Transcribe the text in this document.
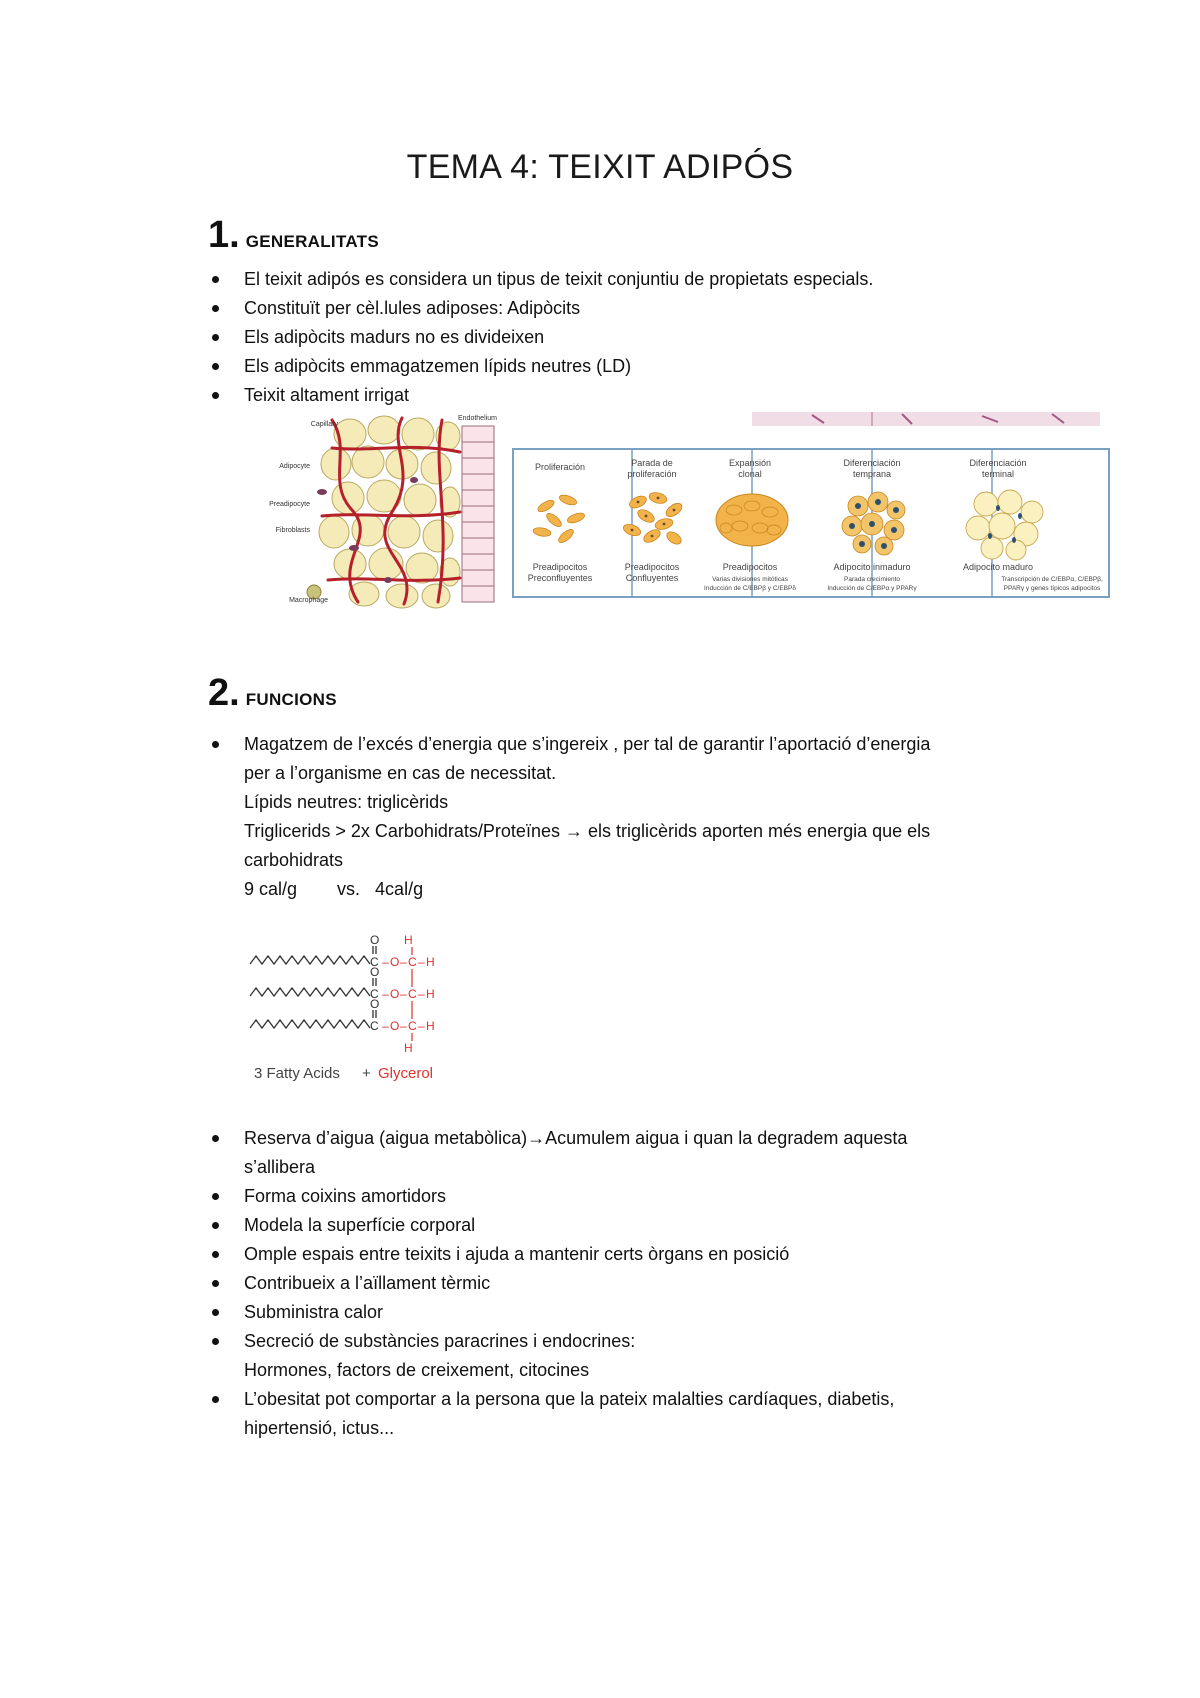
TEMA 4: TEIXIT ADIPÓS
1. GENERALITATS
El teixit adipós es considera un tipus de teixit conjuntiu de propietats especials.
Constituït per cèl.lules adiposes: Adipòcits
Els adipòcits madurs no es divideixen
Els adipòcits emmagatzemen lípids neutres (LD)
Teixit altament irrigat
Capillary
Adipocyte
Preadipocyte
Fibroblasts
Macrophage
Endothelium
Proliferación
Preadipocitos
Preconfluyentes
Parada de
proliferación
Preadipocitos
Confluyentes
Expansión
clonal
Preadipocitos
Varias divisiones mitóticas
Inducción de C/EBPβ y C/EBPδ
Diferenciación
temprana
Adipocito inmaduro
Parada crecimiento
Inducción de C/EBPα y PPARγ
Diferenciación
terminal
Adipocito maduro
Transcripción de C/EBPα, C/EBPβ,
PPARγ y genes típicos adipocitos
2. FUNCIONS
Magatzem de l’excés d’energia que s’ingereix , per tal de garantir l’aportació d’energia
per a l’organisme en cas de necessitat.
Lípids neutres: triglicèrids
Triglicerids > 2x Carbohidrats/Proteïnes → els triglicèrids aporten més energia que els
carbohidrats
9 cal/g        vs.   4cal/g
O
O
O
C
C
C
H
– O – C – H
– O – C – H
– O – C – H
H
3 Fatty Acids + Glycerol
Reserva d’aigua (aigua metabòlica)→Acumulem aigua i quan la degradem aquesta
s’allibera
Forma coixins amortidors
Modela la superfície corporal
Omple espais entre teixits i ajuda a mantenir certs òrgans en posició
Contribueix a l’aïllament tèrmic
Subministra calor
Secreció de substàncies paracrines i endocrines:
Hormones, factors de creixement, citocines
L’obesitat pot comportar a la persona que la pateix malalties cardíaques, diabetis,
hipertensió, ictus...
